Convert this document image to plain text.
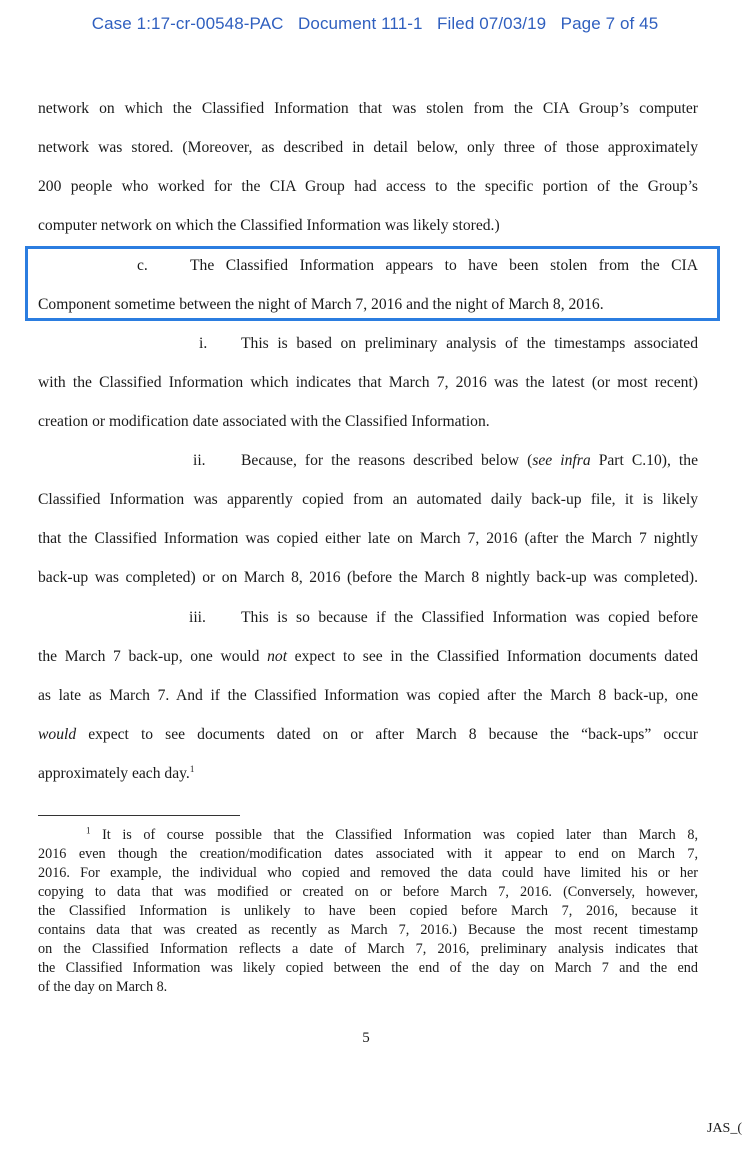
Case 1:17-cr-00548-PAC   Document 111-1   Filed 07/03/19   Page 7 of 45
network on which the Classified Information that was stolen from the CIA Group’s computer
network was stored. (Moreover, as described in detail below, only three of those approximately
200 people who worked for the CIA Group had access to the specific portion of the Group’s
computer network on which the Classified Information was likely stored.)
c.	The Classified Information appears to have been stolen from the CIA
Component sometime between the night of March 7, 2016 and the night of March 8, 2016.
i. This is based on preliminary analysis of the timestamps associated
with the Classified Information which indicates that March 7, 2016 was the latest (or most recent)
creation or modification date associated with the Classified Information.
ii. Because, for the reasons described below (see infra Part C.10), the
Classified Information was apparently copied from an automated daily back-up file, it is likely
that the Classified Information was copied either late on March 7, 2016 (after the March 7 nightly
back-up was completed) or on March 8, 2016 (before the March 8 nightly back-up was completed).
iii. This is so because if the Classified Information was copied before
the March 7 back-up, one would not expect to see in the Classified Information documents dated
as late as March 7. And if the Classified Information was copied after the March 8 back-up, one
would expect to see documents dated on or after March 8 because the “back-ups” occur
approximately each day.$^1$
$^1$ It is of course possible that the Classified Information was copied later than March 8,
2016 even though the creation/modification dates associated with it appear to end on March 7,
2016. For example, the individual who copied and removed the data could have limited his or her
copying to data that was modified or created on or before March 7, 2016. (Conversely, however,
the Classified Information is unlikely to have been copied before March 7, 2016, because it
contains data that was created as recently as March 7, 2016.) Because the most recent timestamp
on the Classified Information reflects a date of March 7, 2016, preliminary analysis indicates that
the Classified Information was likely copied between the end of the day on March 7 and the end
of the day on March 8.
5
JAS_(
